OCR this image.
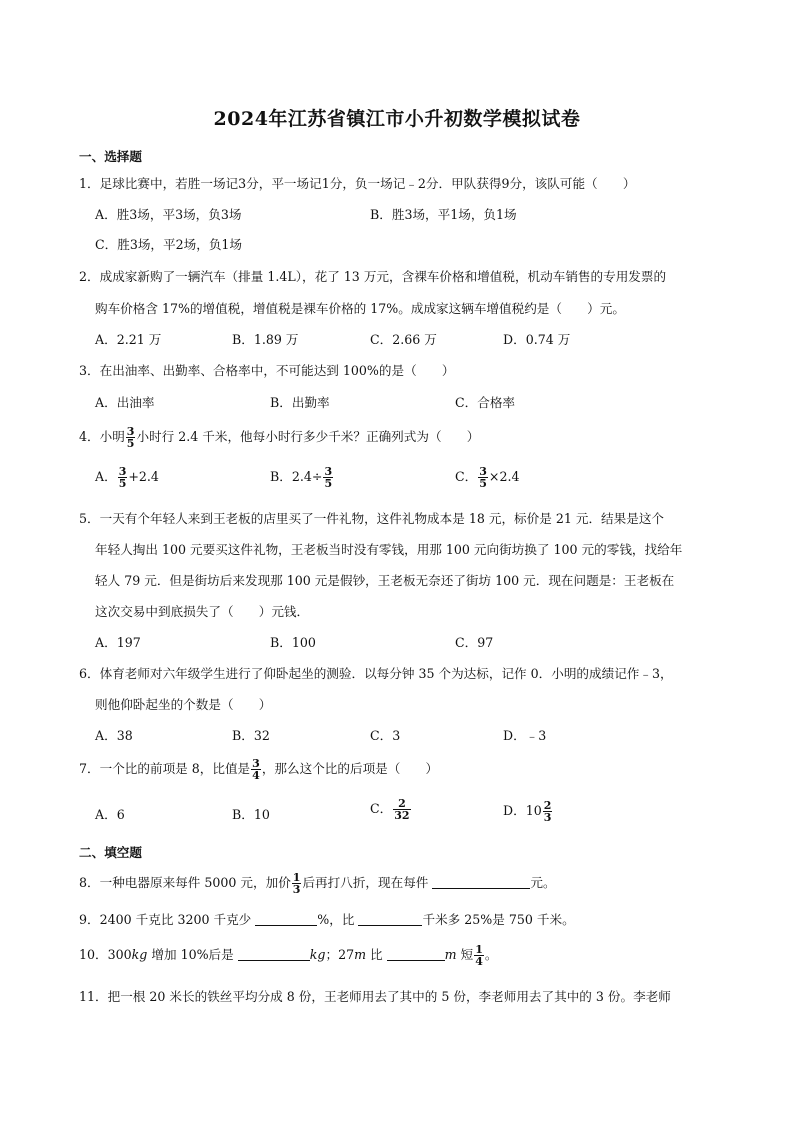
2024年江苏省镇江市小升初数学模拟试卷
一、选择题
1．足球比赛中，若胜一场记3分，平一场记1分，负一场记﹣2分．甲队获得9分，该队可能（　　）
A．胜3场，平3场，负3场	B．胜3场，平1场，负1场
C．胜3场，平2场，负1场
2．成成家新购了一辆汽车（排量 1.4L），花了 13 万元，含裸车价格和增值税，机动车销售的专用发票的
购车价格含 17%的增值税，增值税是裸车价格的 17%。成成家这辆车增值税约是（　　）元。
A．2.21 万	B．1.89 万	C．2.66 万	D．0.74 万
3．在出油率、出勤率、合格率中，不可能达到 100%的是（　　）
A．出油率	B．出勤率	C．合格率
4．小明 $\frac{3}{5}$ 小时行 2.4 千米，他每小时行多少千米？正确列式为（　　）
A． $\frac{3}{5} +2.4$	B．$2.4\div \frac{3}{5}$	C． $\frac{3}{5} \times 2.4$
5．一天有个年轻人来到王老板的店里买了一件礼物，这件礼物成本是 18 元，标价是 21 元．结果是这个
年轻人掏出 100 元要买这件礼物，王老板当时没有零钱，用那 100 元向街坊换了 100 元的零钱，找给年
轻人 79 元．但是街坊后来发现那 100 元是假钞，王老板无奈还了街坊 100 元．现在问题是：王老板在
这次交易中到底损失了（　　）元钱．
A．197	B．100	C．97
6．体育老师对六年级学生进行了仰卧起坐的测验．以每分钟 35 个为达标，记作 0．小明的成绩记作﹣3，
则他仰卧起坐的个数是（　　）
A．38	B．32	C．3	D．﹣3
7．一个比的前项是 8，比值是 $\frac{3}{4}$ ，那么这个比的后项是（　　）
A．6	B．10	C． $\frac{2}{32}$	D．$10 \frac{2}{3}$
二、填空题
8．一种电器原来每件 5000 元，加价 $\frac{1}{3}$ 后再打八折，现在每件	元。
9．2400 千克比 3200 千克少	%，比	千米多 25%是 750 千米。
10．300kg 增加 10%后是	kg；27m 比	m 短 $\frac{1}{4}$ 。
11．把一根 20 米长的铁丝平均分成 8 份，王老师用去了其中的 5 份，李老师用去了其中的 3 份。李老师
